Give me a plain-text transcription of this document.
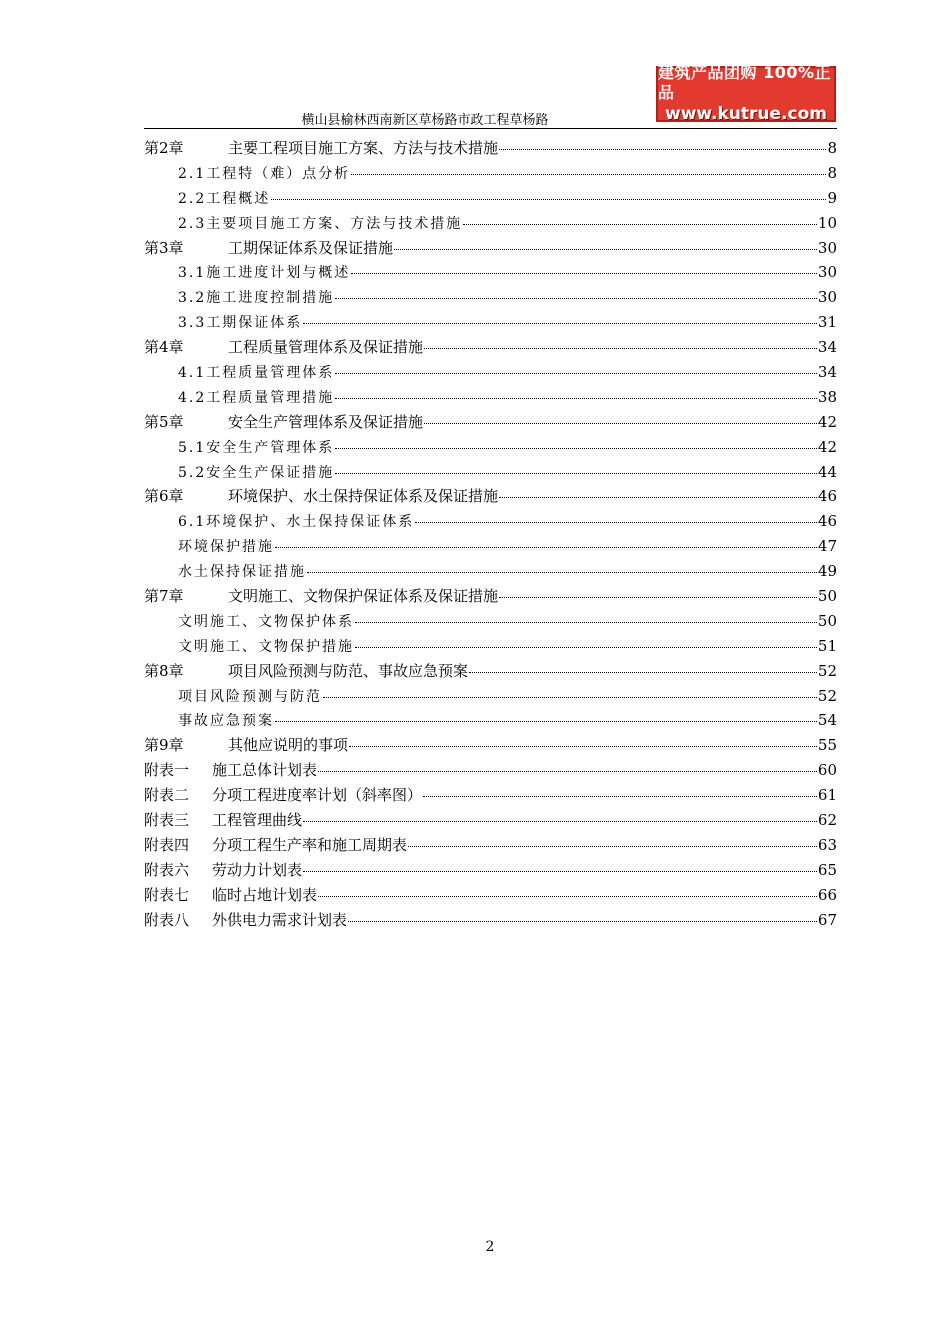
建筑产品团购 100%正品
www.kutrue.com
横山县榆林西南新区草杨路市政工程草杨路
第2章	主要工程项目施工方案、方法与技术措施	8
2.1工程特（难）点分析	8
2.2工程概述	9
2.3主要项目施工方案、方法与技术措施	10
第3章	工期保证体系及保证措施	30
3.1施工进度计划与概述	30
3.2施工进度控制措施	30
3.3工期保证体系	31
第4章	工程质量管理体系及保证措施	34
4.1工程质量管理体系	34
4.2工程质量管理措施	38
第5章	安全生产管理体系及保证措施	42
5.1安全生产管理体系	42
5.2安全生产保证措施	44
第6章	环境保护、水土保持保证体系及保证措施	46
6.1环境保护、水土保持保证体系	46
环境保护措施	47
水土保持保证措施	49
第7章	文明施工、文物保护保证体系及保证措施	50
文明施工、文物保护体系	50
文明施工、文物保护措施	51
第8章	项目风险预测与防范、事故应急预案	52
项目风险预测与防范	52
事故应急预案	54
第9章	其他应说明的事项	55
附表一	施工总体计划表	60
附表二	分项工程进度率计划（斜率图）	61
附表三	工程管理曲线	62
附表四	分项工程生产率和施工周期表	63
附表六	劳动力计划表	65
附表七	临时占地计划表	66
附表八	外供电力需求计划表	67
2
